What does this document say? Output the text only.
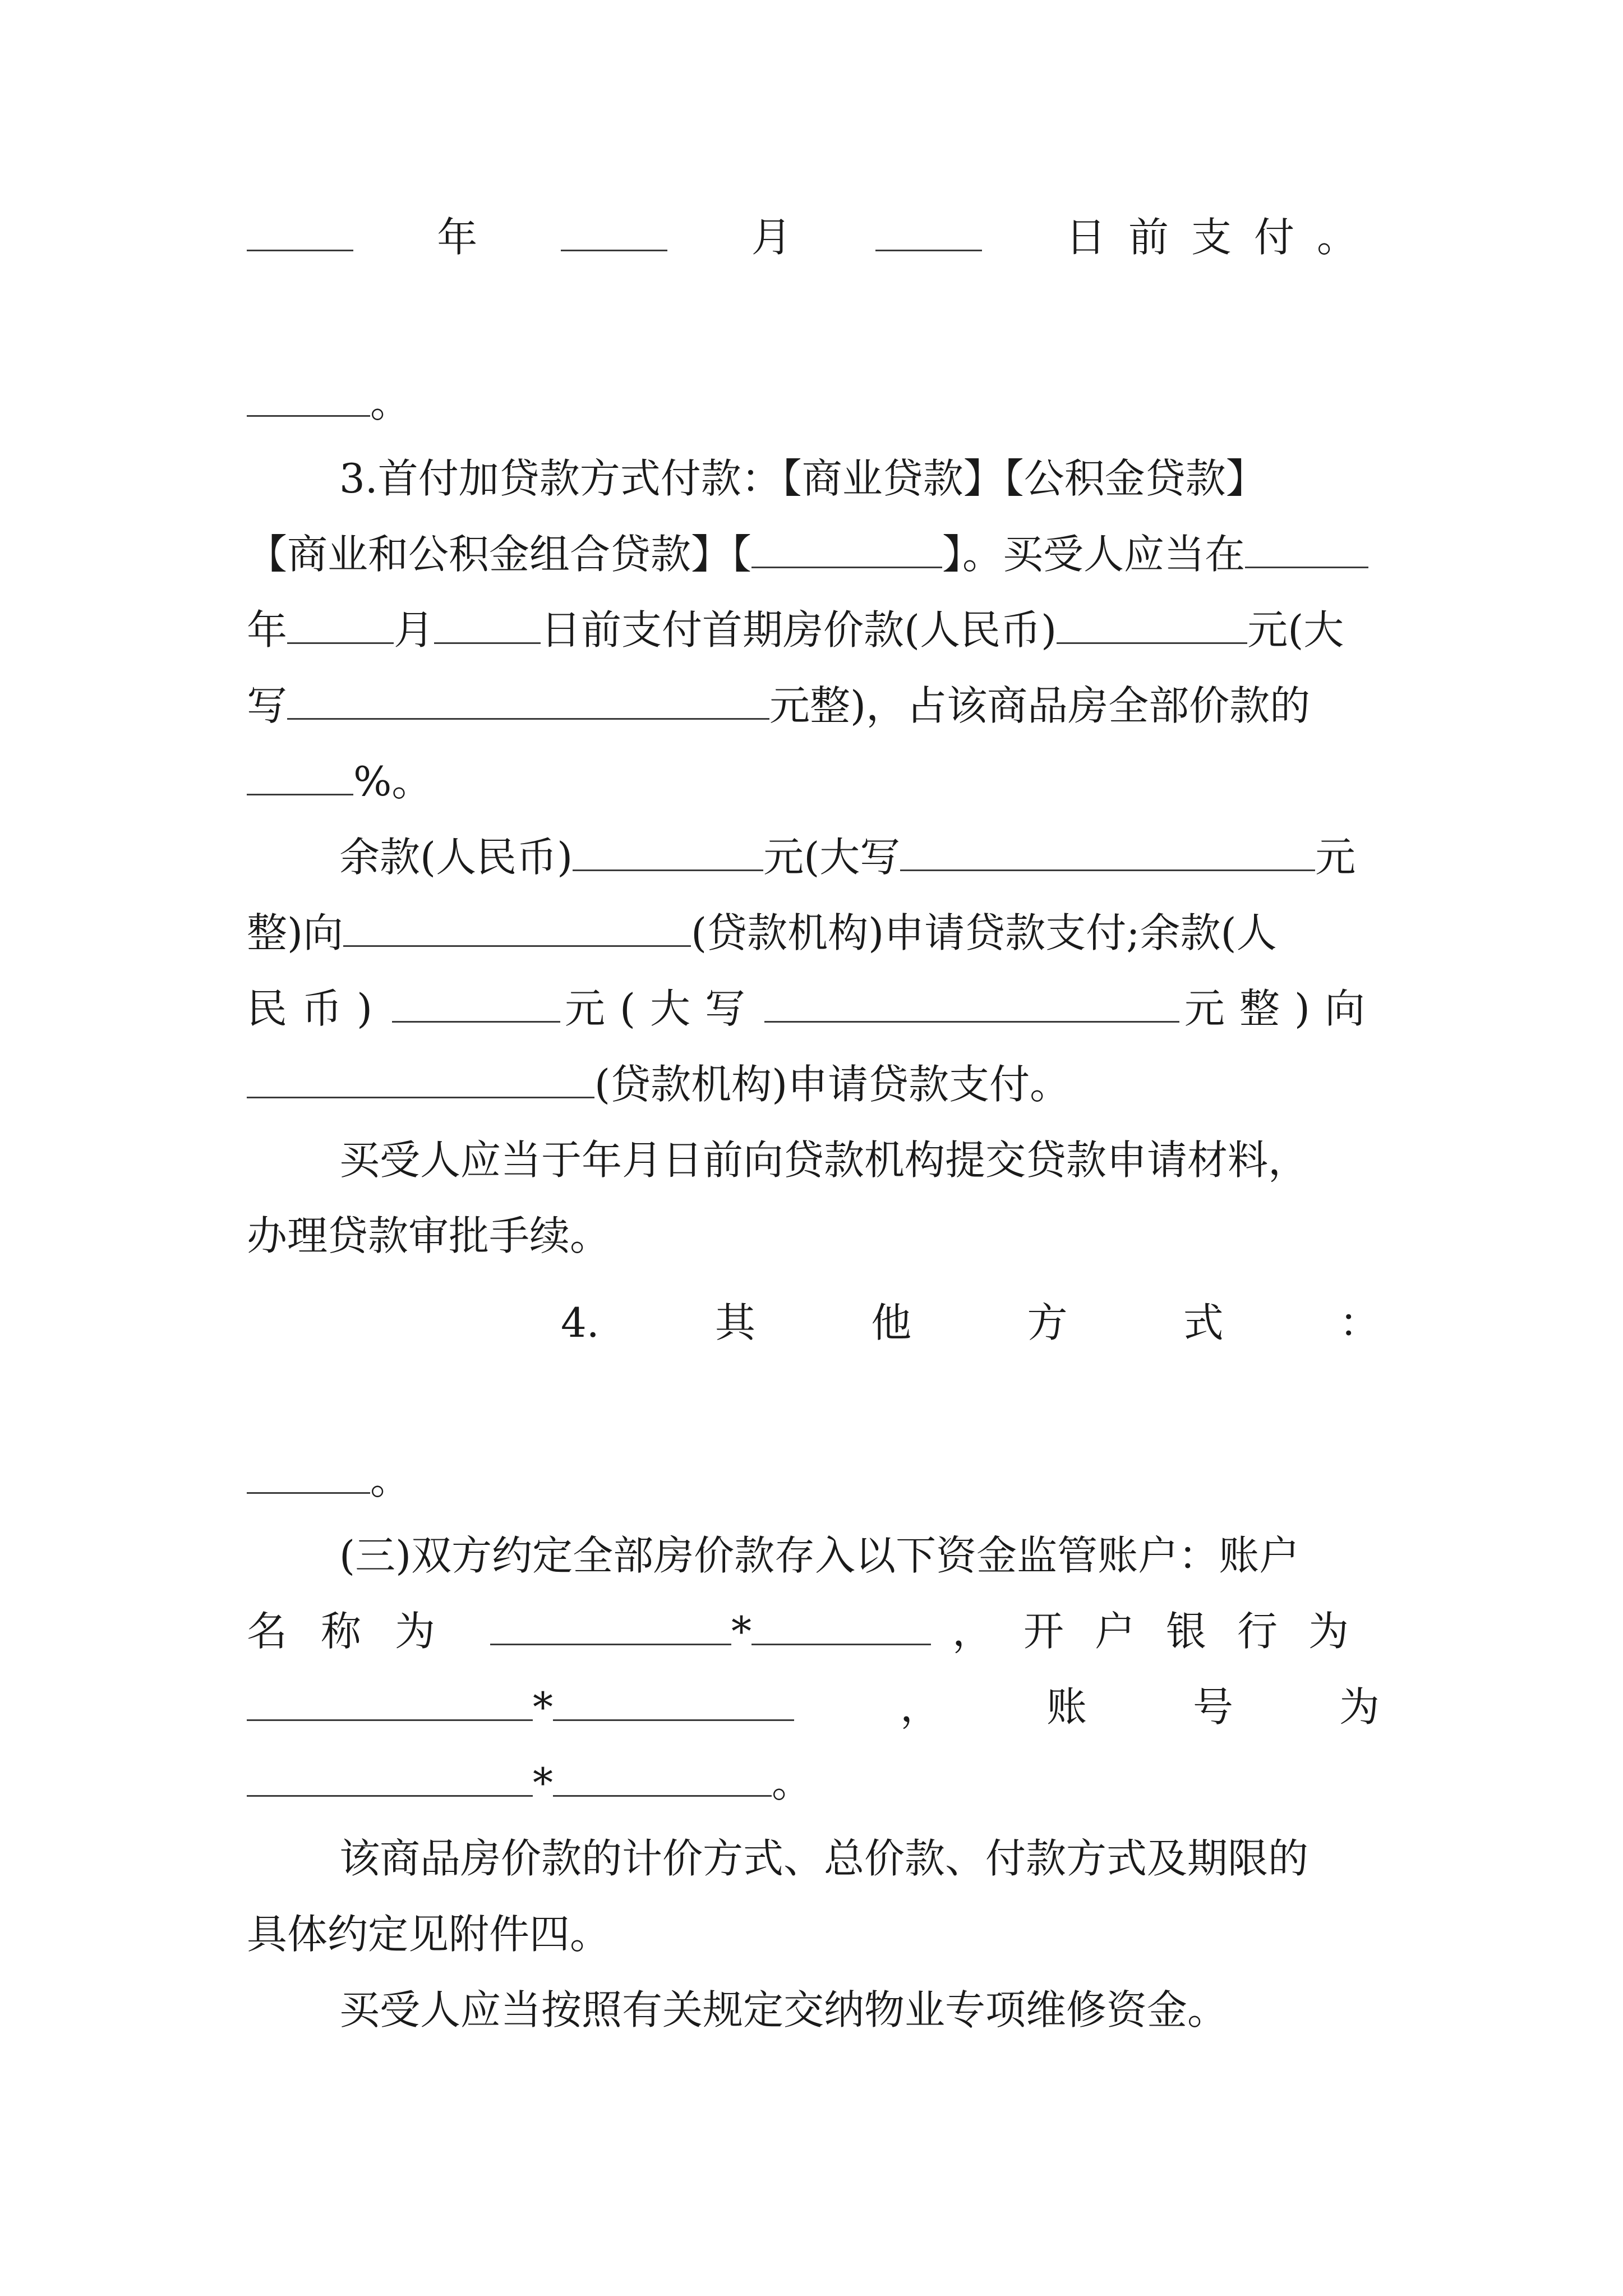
年	月	日前支付。
。
3.首付加贷款方式付款：【商业贷款】【公积金贷款】
【商业和公积金组合贷款】【	】。买受人应当在
年	月	日前支付首期房价款(人民币)	元(大
写	元整)，占该商品房全部价款的
%。
余款(人民币)	元(大写	元
整)向	(贷款机构)申请贷款支付;余款(人
民币)	元(大写	元整)向
(贷款机构)申请贷款支付。
买受人应当于年月日前向贷款机构提交贷款申请材料，
办理贷款审批手续。
4.	其	他	方	式	：
。
(三)双方约定全部房价款存入以下资金监管账户：账户
名称为	*	，开户银行为
*	，	账	号	为
*	。
该商品房价款的计价方式、总价款、付款方式及期限的
具体约定见附件四。
买受人应当按照有关规定交纳物业专项维修资金。
